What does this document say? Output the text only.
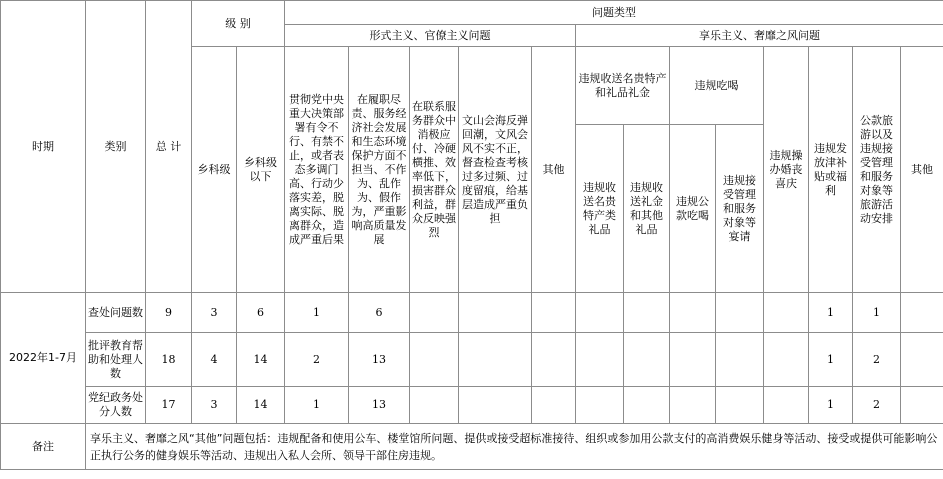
时期	类别	总 计	级 别		问题类型												
					形式主义、官僚主义问题					享乐主义、奢靡之风问题							
			乡科级	乡科级以下	贯彻党中央重大决策部署有令不行、有禁不止，或者表态多调门高、行动少落实差，脱离实际、脱离群众，造成严重后果	在履职尽责、服务经济社会发展和生态环境保护方面不担当、不作为、乱作为、假作为，严重影响高质量发展	在联系服务群众中消极应付、冷硬横推、效率低下，损害群众利益，群众反映强烈	文山会海反弹回潮，文风会风不实不正，督查检查考核过多过频、过度留痕，给基层造成严重负担	其他	违规收送名贵特产和礼品礼金		违规吃喝		违规操办婚丧喜庆	违规发放津补贴或福利	公款旅游以及违规接受管理和服务对象等旅游活动安排	其他
										违规收送名贵特产类礼品	违规收送礼金和其他礼品	违规公款吃喝	违规接受管理和服务对象等宴请				
2022年1-7月	查处问题数	9	3	6	1	6									1	1	
	批评教育帮助和处理人数	18	4	14	2	13									1	2	
	党纪政务处分人数	17	3	14	1	13									1	2	
备注	享乐主义、奢靡之风“其他”问题包括：违规配备和使用公车、楼堂馆所问题、提供或接受超标准接待、组织或参加用公款支付的高消费娱乐健身等活动、接受或提供可能影响公正执行公务的健身娱乐等活动、违规出入私人会所、领导干部住房违规。																
